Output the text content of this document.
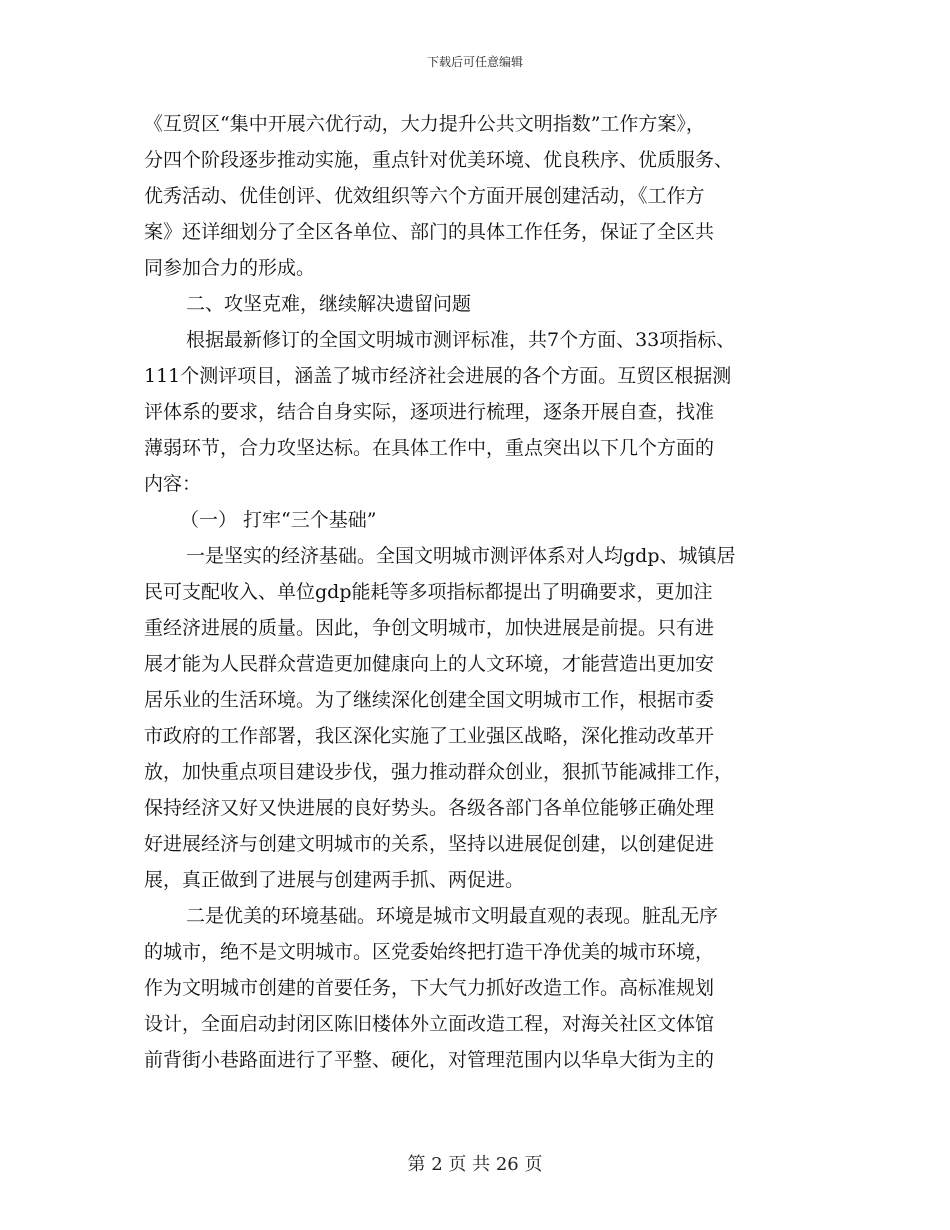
下载后可任意编辑
《互贸区“集中开展六优行动，大力提升公共文明指数”工作方案》，
分四个阶段逐步推动实施，重点针对优美环境、优良秩序、优质服务、
优秀活动、优佳创评、优效组织等六个方面开展创建活动，《工作方
案》还详细划分了全区各单位、部门的具体工作任务，保证了全区共
同参加合力的形成。
二、攻坚克难，继续解决遗留问题
根据最新修订的全国文明城市测评标准，共7个方面、33项指标、
111个测评项目，涵盖了城市经济社会进展的各个方面。互贸区根据测
评体系的要求，结合自身实际，逐项进行梳理，逐条开展自查，找准
薄弱环节，合力攻坚达标。在具体工作中，重点突出以下几个方面的
内容：
（一） 打牢“三个基础”
一是坚实的经济基础。全国文明城市测评体系对人均gdp、城镇居
民可支配收入、单位gdp能耗等多项指标都提出了明确要求，更加注
重经济进展的质量。因此，争创文明城市，加快进展是前提。只有进
展才能为人民群众营造更加健康向上的人文环境，才能营造出更加安
居乐业的生活环境。为了继续深化创建全国文明城市工作，根据市委
市政府的工作部署，我区深化实施了工业强区战略，深化推动改革开
放，加快重点项目建设步伐，强力推动群众创业，狠抓节能减排工作，
保持经济又好又快进展的良好势头。各级各部门各单位能够正确处理
好进展经济与创建文明城市的关系，坚持以进展促创建，以创建促进
展，真正做到了进展与创建两手抓、两促进。
二是优美的环境基础。环境是城市文明最直观的表现。脏乱无序
的城市，绝不是文明城市。区党委始终把打造干净优美的城市环境，
作为文明城市创建的首要任务，下大气力抓好改造工作。高标准规划
设计，全面启动封闭区陈旧楼体外立面改造工程，对海关社区文体馆
前背街小巷路面进行了平整、硬化，对管理范围内以华阜大街为主的
第 2 页 共 26 页
